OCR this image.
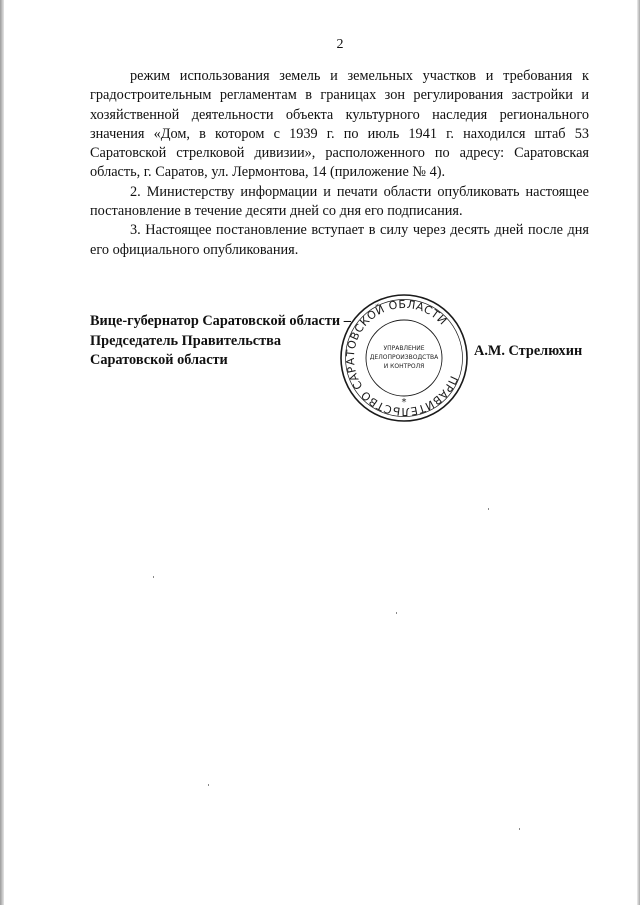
2

режим использования земель и земельных участков и требования к градостроительным регламентам в границах зон регулирования застройки и хозяйственной деятельности объекта культурного наследия регионального значения «Дом, в котором с 1939 г. по июль 1941 г. находился штаб 53 Саратовской стрелковой дивизии», расположенного по адресу: Саратовская область, г. Саратов, ул. Лермонтова, 14 (приложение № 4).

2. Министерству информации и печати области опубликовать настоящее постановление в течение десяти дней со дня его подписания.

3. Настоящее постановление вступает в силу через десять дней после дня его официального опубликования.

Вице-губернатор Саратовской области –
Председатель Правительства
Саратовской области
ПРАВИТЕЛЬСТВО САРАТОВСКОЙ ОБЛАСТИ
УПРАВЛЕНИЕ
ДЕЛОПРОИЗВОДСТВА
И КОНТРОЛЯ
*
А.М. Стрелюхин
